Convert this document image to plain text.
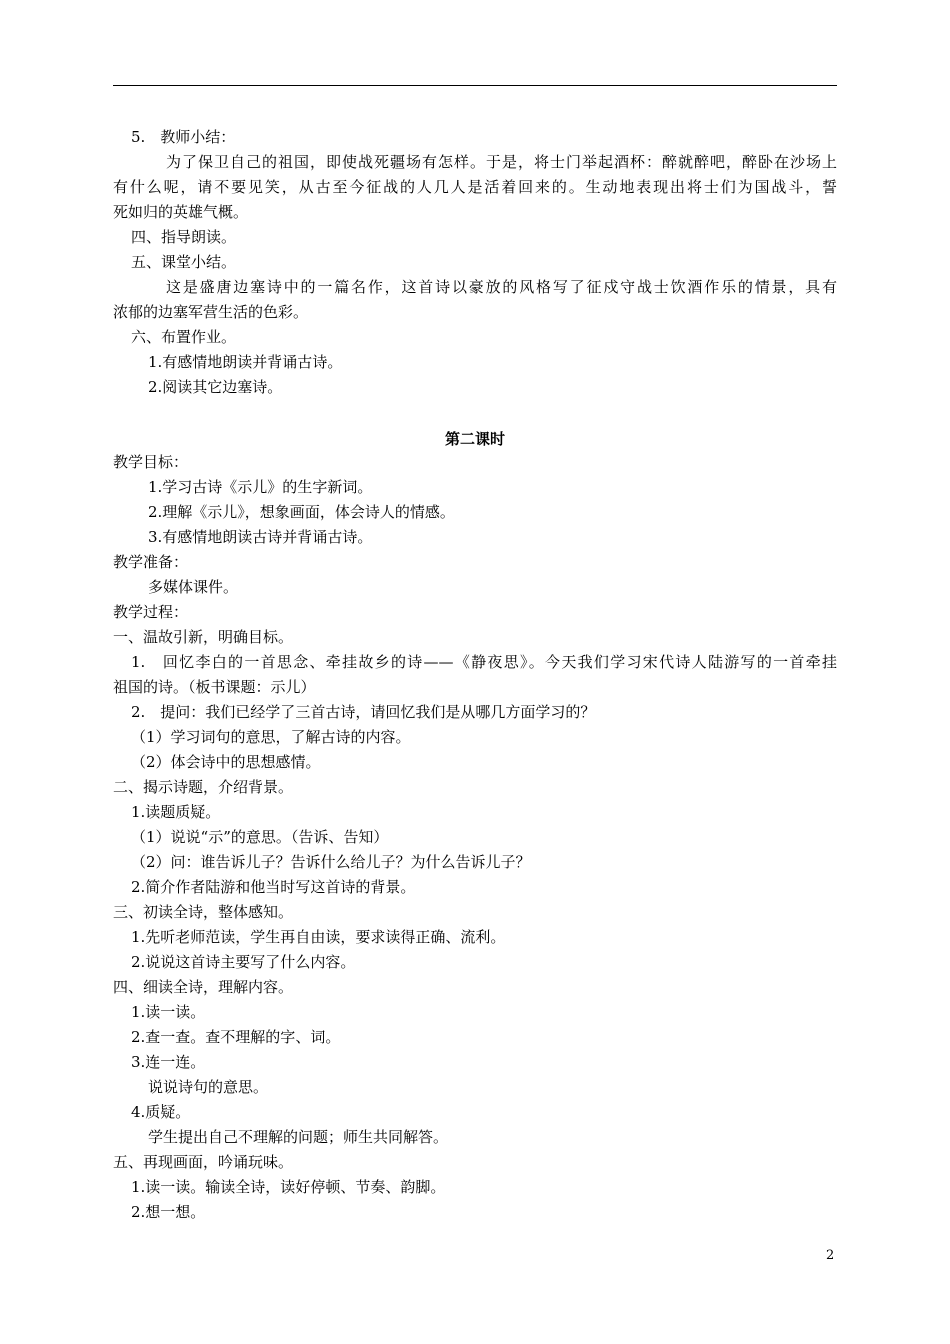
5.　教师小结：
为了保卫自己的祖国，即使战死疆场有怎样。于是，将士门举起酒杯：醉就醉吧，醉卧在沙场上
有什么呢，请不要见笑，从古至今征战的人几人是活着回来的。生动地表现出将士们为国战斗，誓
死如归的英雄气概。
四、指导朗读。
五、课堂小结。
这是盛唐边塞诗中的一篇名作，这首诗以豪放的风格写了征戍守战士饮酒作乐的情景，具有
浓郁的边塞军营生活的色彩。
六、布置作业。
1.有感情地朗读并背诵古诗。
2.阅读其它边塞诗。
第二课时
教学目标：
1.学习古诗《示儿》的生字新词。
2.理解《示儿》，想象画面，体会诗人的情感。
3.有感情地朗读古诗并背诵古诗。
教学准备：
多媒体课件。
教学过程：
一、温故引新，明确目标。
1.　回忆李白的一首思念、牵挂故乡的诗——《静夜思》。今天我们学习宋代诗人陆游写的一首牵挂
祖国的诗。（板书课题：示儿）
2.　提问：我们已经学了三首古诗，请回忆我们是从哪几方面学习的？
（1）学习词句的意思，了解古诗的内容。
（2）体会诗中的思想感情。
二、揭示诗题，介绍背景。
1.读题质疑。
（1）说说“示”的意思。（告诉、告知）
（2）问：谁告诉儿子？告诉什么给儿子？为什么告诉儿子？
2.简介作者陆游和他当时写这首诗的背景。
三、初读全诗，整体感知。
1.先听老师范读，学生再自由读，要求读得正确、流利。
2.说说这首诗主要写了什么内容。
四、细读全诗，理解内容。
1.读一读。
2.查一查。查不理解的字、词。
3.连一连。
说说诗句的意思。
4.质疑。
学生提出自己不理解的问题；师生共同解答。
五、再现画面，吟诵玩味。
1.读一读。输读全诗，读好停顿、节奏、韵脚。
2.想一想。
2
